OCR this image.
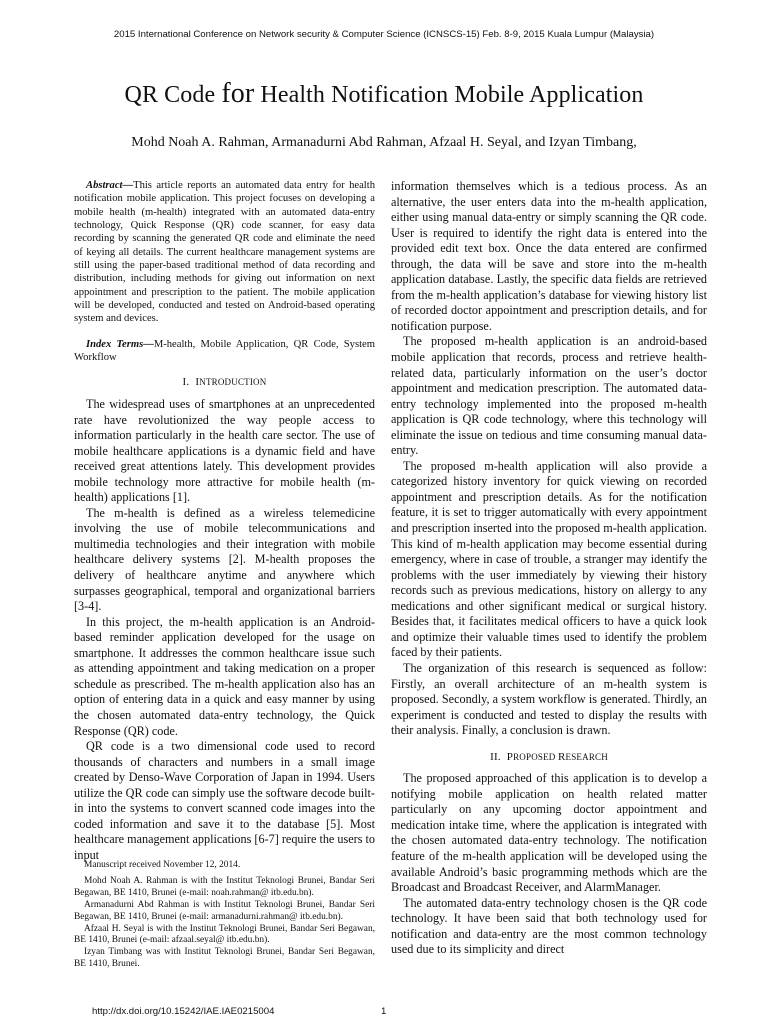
2015 International Conference on Network security & Computer Science (ICNSCS-15) Feb. 8-9, 2015 Kuala Lumpur (Malaysia)
QR Code for Health Notification Mobile Application
Mohd Noah A. Rahman, Armanadurni Abd Rahman, Afzaal H. Seyal, and Izyan Timbang,

Abstract—This article reports an automated data entry for health notification mobile application. This project focuses on developing a mobile health (m-health) integrated with an automated data-entry technology, Quick Response (QR) code scanner, for easy data recording by scanning the generated QR code and eliminate the need of keying all details. The current healthcare management systems are still using the paper-based traditional method of data recording and distribution, including methods for giving out information on next appointment and prescription to the patient. The mobile application will be developed, conducted and tested on Android-based operating system and devices.

Index Terms—M-health, Mobile Application, QR Code, System Workflow

I. INTRODUCTION

The widespread uses of smartphones at an unprecedented rate have revolutionized the way people access to information particularly in the health care sector. The use of mobile healthcare applications is a dynamic field and have received great attentions lately. This development provides mobile technology more attractive for mobile health (m-health) applications [1].

The m-health is defined as a wireless telemedicine involving the use of mobile telecommunications and multimedia technologies and their integration with mobile healthcare delivery systems [2]. M-health proposes the delivery of healthcare anytime and anywhere which surpasses geographical, temporal and organizational barriers [3-4].

In this project, the m-health application is an Android-based reminder application developed for the usage on smartphone. It addresses the common healthcare issue such as attending appointment and taking medication on a proper schedule as prescribed. The m-health application also has an option of entering data in a quick and easy manner by using the chosen automated data-entry technology, the Quick Response (QR) code.

QR code is a two dimensional code used to record thousands of characters and numbers in a small image created by Denso-Wave Corporation of Japan in 1994. Users utilize the QR code can simply use the software decode built-in into the systems to convert scanned code images into the coded information and save it to the database [5]. Most healthcare management applications [6-7] require the users to input

Manuscript received November 12, 2014.

Mohd Noah A. Rahman is with the Institut Teknologi Brunei, Bandar Seri Begawan, BE 1410, Brunei (e-mail: noah.rahman@ itb.edu.bn).

Armanadurni Abd Rahman is with Institut Teknologi Brunei, Bandar Seri Begawan, BE 1410, Brunei (e-mail: armanadurni.rahman@ itb.edu.bn).

Afzaal H. Seyal is with the Institut Teknologi Brunei, Bandar Seri Begawan, BE 1410, Brunei (e-mail: afzaal.seyal@ itb.edu.bn).

Izyan Timbang was with Institut Teknologi Brunei, Bandar Seri Begawan, BE 1410, Brunei.

information themselves which is a tedious process. As an alternative, the user enters data into the m-health application, either using manual data-entry or simply scanning the QR code. User is required to identify the right data is entered into the provided edit text box. Once the data entered are confirmed through, the data will be save and store into the m-health application database. Lastly, the specific data fields are retrieved from the m-health application’s database for viewing history list of recorded doctor appointment and prescription details, and for notification purpose.

The proposed m-health application is an android-based mobile application that records, process and retrieve health-related data, particularly information on the user’s doctor appointment and medication prescription. The automated data-entry technology implemented into the proposed m-health application is QR code technology, where this technology will eliminate the issue on tedious and time consuming manual data-entry.

The proposed m-health application will also provide a categorized history inventory for quick viewing on recorded appointment and prescription details. As for the notification feature, it is set to trigger automatically with every appointment and prescription inserted into the proposed m-health application. This kind of m-health application may become essential during emergency, where in case of trouble, a stranger may identify the problems with the user immediately by viewing their history records such as previous medications, history on allergy to any medications and other significant medical or surgical history. Besides that, it facilitates medical officers to have a quick look and optimize their valuable times used to identify the problem faced by their patients.

The organization of this research is sequenced as follow: Firstly, an overall architecture of an m-health system is proposed. Secondly, a system workflow is generated. Thirdly, an experiment is conducted and tested to display the results with their analysis. Finally, a conclusion is drawn.

II. PROPOSED RESEARCH

The proposed approached of this application is to develop a notifying mobile application on health related matter particularly on any upcoming doctor appointment and medication intake time, where the application is integrated with the chosen automated data-entry technology. The notification feature of the m-health application will be developed using the available Android’s basic programming methods which are the Broadcast and Broadcast Receiver, and AlarmManager.

The automated data-entry technology chosen is the QR code technology. It have been said that both technology used for notification and data-entry are the most common technology used due to its simplicity and direct

http://dx.doi.org/10.15242/IAE.IAE0215004	1
